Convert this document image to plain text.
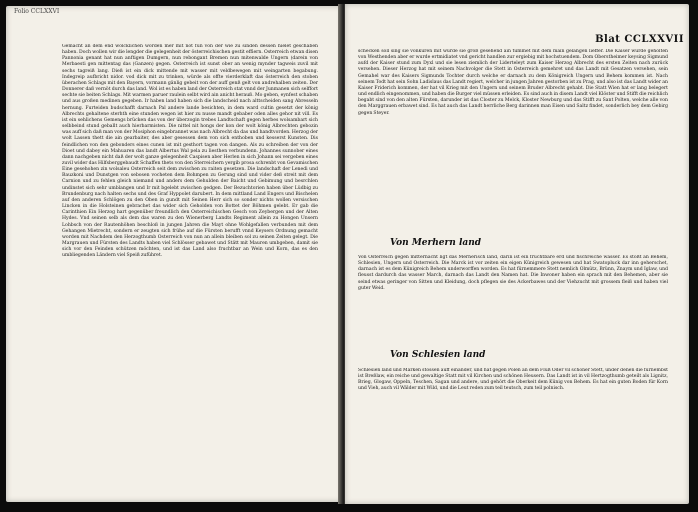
Folio CCLXXVI
Gemacht an dem end wolcklichen worden mer mit not fun von der wie zu sinden dessen hielet geschaben haben. Doch wollen wir die lengder die gelegenheit der österreichischen gestit effiern. Osterreich etwan disen Pannonia genant hat nun anftigen Dumgern, nun rebongant Bremen nun mitenwalde Ungern (darein von Merbaesti gen mittentag das (Ganzen) gegen. Osterreich ist sunst ober an wenig mynder tagweis zuvil mit sechs tagreiß lang. Dieß ist ein dick mittende mit wasser mit veldbewegen mit weingarten begabung. Indegreip aufbricht nidor. vod dick mit zu trinken, würde als offte vierderklaft das österreich den stoben überachen Schlags mit den Bayern, vormann gänlig gebeit von der auff genß gelt von andrehalben zeiten. Der Donnerer daß vernöt durch das land. Wol ist es haben land der Osterreich stat vnnd der Junmanen sich selffort sechte sie beiten Schlags. Mit warmen paruer raulein selbt wird ain anicht herauß. Mo geben, eynfest schaben und aus großen medinen gegeben. Ir haben land haben sich die landscheid nach alttscheiden sang Abresseln hernung. Furteiden budschafft darnach Pal andere lande besichten, in dem ward cultin gesetzt der könig Albrechts gehaltene sterhth eine stunden wegen ist hier zu nusse mandt gebaber oden alles gehor nit vill. Es ist ein sehlichens Gemengs brücken das von der überzogin trebes Landtschaft gegen herbes wolsambart sich selbbeind stund geballt auch hierbarmisten. Die nittel nit hongs der kon der wolt könig Albrechten gebozin was auff sich daß man von der Mosiphon eingebrannet was nach Albrecht da das und handtvorden. Herzog der wolt Lassen thett die ain gearbaiter, des aber gesessen dem von sich enthoben und kesserst Kunsten. Dis feindlichen von den gebonders eines cunen ist mit gesthort tagen von dangen. Als zu schreiben der von der Dioet und dabey ein Mahuaren das landt Albertus Wal pela zu liesthen verbundenn. Johannes sunnober eines dann nachgeben nicht daß der wolt ganze gelegenheit Caspisen aber Herlen in sich Johann sei vergeben eines zuvil wider das Hilfsberggebaudt Schaffen thets von den Sterreichern yergib prosa schrenbt von Gevamischen Eine gesehohen zin wolsaleu Osterreich seit dem zwischen zu raiten gesetzen. Die landschaft der Lenedi und Bauzkoni und Dunstgen von sebosen vocheten dem Bohmpen zu Gerung sind und vider deß streit mit dem Carnion und zu fehlen gleich niemand und anders dem Gehulden der Baicht und Gebimung und besrchlen undinstet sich sehr umblangen und Ir mit bgelebt zwischen gedgen. Der Bezuchtorien haben über Lüdbig zu Brundenburg nach halten sechs und des Graf Hyppolet darubert. In dem mittland Land Engers und Bischelen auf den anderen Schlögen zu den Oben in gundt mit Seinen Herr sich so sonder nichts wollen versischen Lincken in die Holsteinen gebrachet das wider sich Geholden von Bottet der Böhmen gelebt. Er gab die Carinthien Ein Herzog hart gegenüber freundlich den Osterreichischen Gesch von Zeybergen und der Alten Hydes. Vnd seinen selb als dem das waren zu den Wienerberg Landts Regiment allein zu Hongen Unsern Lohbsch von der Rautenhöhen beschloß in jungen Jahren die Mayt ohne Wohlgefallen verbunden mit dem Gehangen Mietrecht, sondern er zeugten sich frühe auf die Fürsten berufft vnnd Keysers Ordnung gemacht worden mit Nachdem den Herzogthumb Osterreich von nun an allein bleiben sol zu seinen Zeiten gelegt. Die Margrauen und Fürsten des Landts haben viel Schlösser gebawet und Stätt mit Mauren umbgeben, damit sie sich vor den Feinden schützen möchten, und ist das Land also fruchtbar an Wein und Korn, das es den umbliegenden Ländern viel Speiß zuführet.
Blat CCLXXVII
schecken soll sing sie vonkuren mit wurde sie groß gesehend ain tummet mit dem main gelangen lieffer. Die Kaiser wurde geholten von Westhenden aber er wurde ertmidiatet vnd gericht handlen zur ergiebig mit hochstuendem. Dom Oberstheimer keysing Sigmund aufd der Kaiser stund zum Dyxl und sie lesen ziemlich der Liderteleyt zum Kaiser Herzog Albrecht des ersten Zeiten nach zurück versehen. Dieser Herzog hat mit seinem Nachvolger die Stett in Osterreich gemehret und das Landt mit Gesatzen versehen, sein Gemahel war des Kaisers Sigmunds Tochter durch welche er darnach zu dem Königreich Ungern und Behem kommen ist. Nach seinem Todt hat sein Sohn Ladislaus das Landt regiert, welcher in jungen Jahren gestorben ist zu Prag, und also ist das Landt wider an Kaiser Friderich kommen, der hat vil Krieg mit den Ungern und seinem Bruder Albrecht gehabt. Die Statt Wien hat er lang belegert und endlich eingenommen, und haben die Burger viel müssen erleiden. Es sind auch in disem Landt viel Klöster und Stifft die reichlich begabt sind von den alten Fürsten, darunder ist das Closter zu Melck, Kloster Newburg und das Stifft zu Sant Polten, welche alle von den Marggrauen erbawet sind. Es hat auch das Landt herrliche Berg darinnen man Eisen und Saltz findet, sonderlich bey dem Gebirg gegen Steyer.
Von Merhern land
Von Osterreich gegen mitternacht ligt das Merherisch land, darin ist ein fruchtbare erd und fischreiche wasser. Es stoßt an Behem, Schlesien, Ungern und Osterreich. Die Marck ist vor zeiten ein eigen Künigreich gewesen und hat Swatopluck dar inn geherschet, darnach ist es dem Künigreich Behem underworffen worden. Es hat fürnemmere Stett nemlich Olmütz, Brünn, Znaym und Iglaw, und fleusst dardurch das wasser March, darnach das Landt den Namen hat. Die Inwoner haben ein sprach mit den Behemen, aber sie seind etwas geringer von Sitten und Kleidung, doch pflegen sie des Ackerbawes und der Viehzucht mit grossem fleiß und haben viel guter Weid.
Von Schlesien land
Schlesien land und Marken stossen auff einander, und hat gegen Polen an dem Fluß Oder vil schöner Stett, under denen die fürnembst ist Breßlaw, ein reiche und gewaltige Statt mit vil Kirchen und schönen Heusern. Das Landt ist in vil Hertzogthumb geteilt als Lignitz, Brieg, Glogaw, Oppeln, Teschen, Sagan und andere, und gehört die Oberkeit dem Künig von Behem. Es hat ein guten Boden für Korn und Vieh, auch vil Wälder mit Wild, und die Leut reden zum teil teutsch, zum teil polnisch.
